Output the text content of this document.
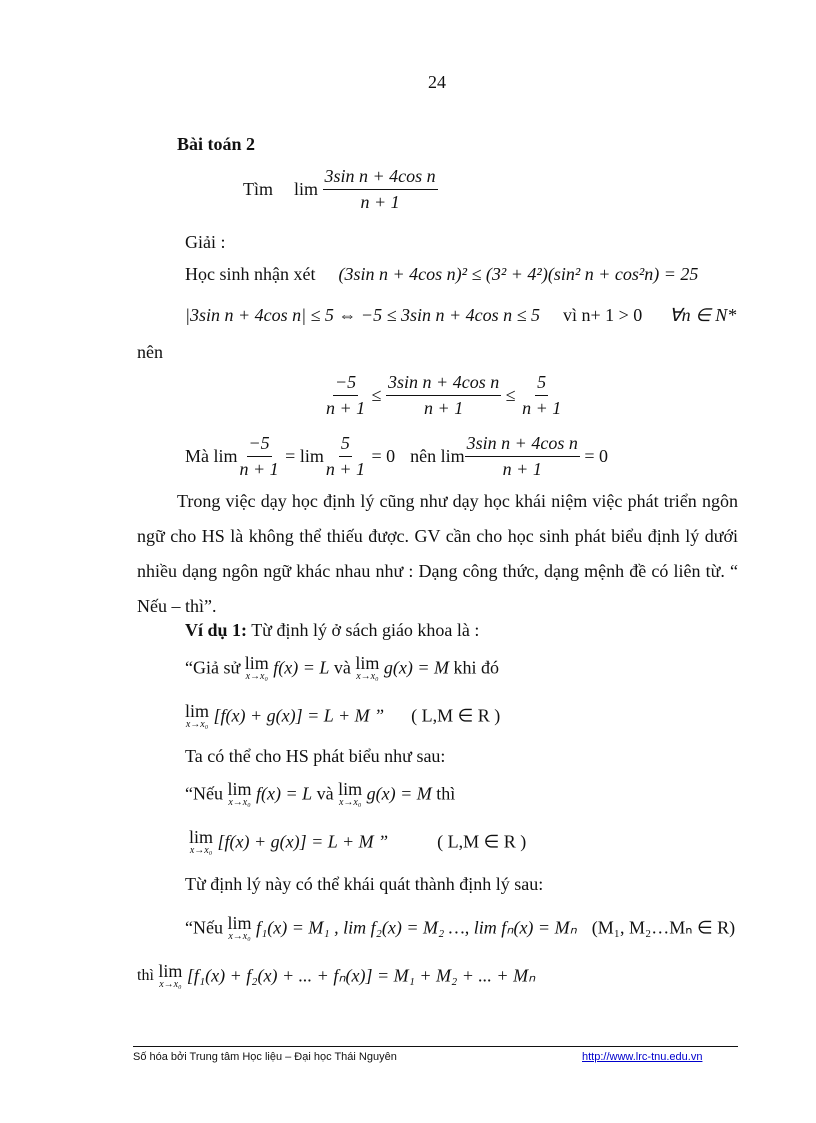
24
Bài toán 2
Tìm $\lim \frac{\text{3sin n + 4cos n}}{n + 1}$
Giải :
Học sinh nhận xét (3sin n + 4cos n)² ≤ (3² + 4²)(sin² n + cos²n) = 25
|3sin n + 4cos n| ≤ 5 ⇔ −5 ≤ 3sin n + 4cos n ≤ 5 vì n+ 1 > 0 ∀n ∈ N*
nên
$\frac{-5}{n + 1} \le \frac{\text{3sin n + 4cos n}}{n + 1} \le \frac{5}{n + 1}$
Mà $\lim \frac{-5}{n + 1} = \lim \frac{5}{n + 1} = 0$ nên $\lim \frac{\text{3sin n + 4cos n}}{n + 1} = 0$
Trong việc dạy học định lý cũng như dạy học khái niệm việc phát triển ngôn ngữ cho HS là không thể thiếu được. GV cần cho học sinh phát biểu định lý dưới nhiều dạng ngôn ngữ khác nhau như : Dạng công thức, dạng mệnh đề có liên từ. “ Nếu – thì”.
Ví dụ 1: Từ định lý ở sách giáo khoa là :
“Giả sử lim
x→x₀ f(x) = L và lim
x→x₀ g(x) = M khi đó
lim
x→x₀ [f(x) + g(x)] = L + M ” ( L,M ∈ R )
Ta có thể cho HS phát biểu như sau:
“Nếu lim
x→x₀ f(x) = L và lim
x→x₀ g(x) = M thì
lim
x→x₀ [f(x) + g(x)] = L + M ”	( L,M ∈ R )
Từ định lý này có thể khái quát thành định lý sau:
“Nếu lim
x→x₀ f₁(x) = M₁ , lim f₂(x) = M₂ …, lim fₙ(x) = Mₙ (M₁, M₂…Mₙ ∈ R)
thì lim
x→x₀ [f₁(x) + f₂(x) + ... + fₙ(x)] = M₁ + M₂ + ... + Mₙ
Số hóa bởi Trung tâm Học liệu – Đại học Thái Nguyên	http://www.lrc-tnu.edu.vn
